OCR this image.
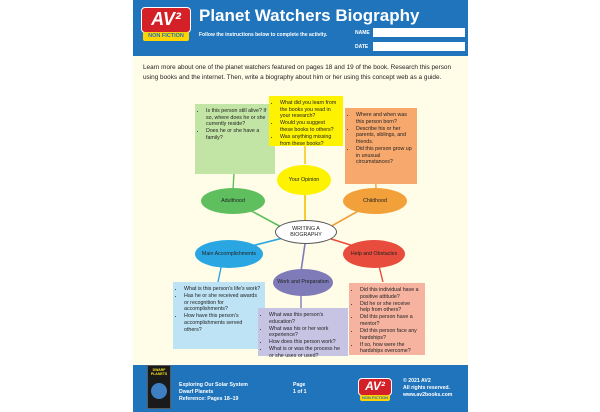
AV²
NON FICTION
Planet Watchers Biography
Follow the instructions below to complete the activity.	NAME
DATE
Learn more about one of the planet watchers featured on pages 18 and 19 of the book. Research this person using books and the internet. Then, write a biography about him or her using this concept web as a guide.
• Is this person still alive? If so, where does he or she currently reside?
• Does he or she have a family?
• What did you learn from the books you read in your research?
• Would you suggest these books to others?
• Was anything missing from these books?
• Where and when was this person born?
• Describe his or her parents, siblings, and friends.
• Did this person grow up in unusual circumstances?
• What is this person's life's work?
• Has he or she received awards or recognition for accomplishments?
• How have this person's accomplishments served others?
• What was this person's education?
• What was his or her work experience?
• How does this person work?
• What is or was the process he or she uses or used?
• Did this individual have a positive attitude?
• Did he or she receive help from others?
• Did this person have a mentor?
• Did this person face any hardships?
• If so, how were the hardships overcome?
Your Opinion
Adulthood	Childhood
WRITING A BIOGRAPHY
Main Accomplishments	Help and Obstacles
Work and Preparation
DWARF PLANETS
Exploring Our Solar System
Dwarf Planets
Reference: Pages 18–19
Page
1 of 1	AV²
NON FICTION
© 2021 AV2
All rights reserved.
www.av2books.com
